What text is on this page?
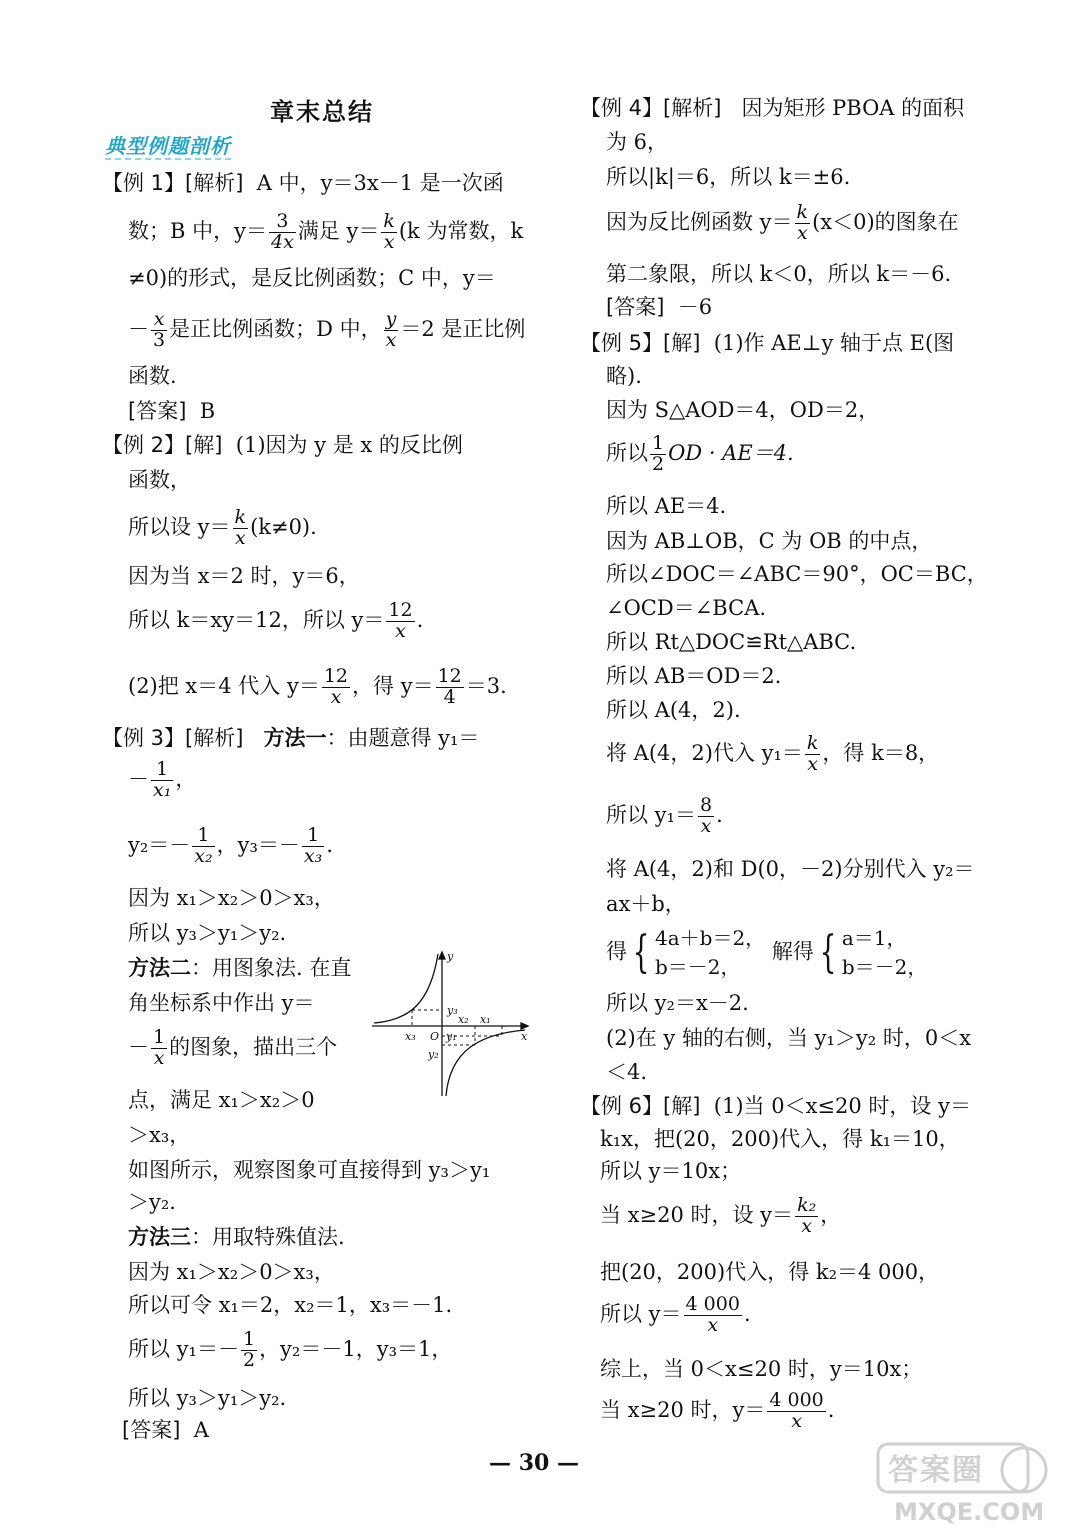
章末总结
典型例题剖析
【例 1】[解析] A 中，y＝3x－1 是一次函
数；B 中，$y= \frac{3}{4x}$ 满足 $y= \frac{k}{x} (k$ 为常数，k
≠0)的形式，是反比例函数；C 中，y＝
－ $\frac{x}{3}$ 是正比例函数；D 中， $\frac{y}{x} =2$ 是正比例
函数.
[答案] B
【例 2】[解] (1)因为 y 是 x 的反比例
函数，
所以设 $y= \frac{k}{x} (k\ne 0)$.
因为当 x＝2 时，y＝6，
所以 k＝xy＝12，所以 $y= \frac{12}{x}$ .
(2)把 x＝4 代入 $y= \frac{12}{x}$ ，得 $y= \frac{12}{4} =3$.
【例 3】[解析] 方法一：由题意得 y₁＝
－ $\frac{1}{\text{x₁}}$ ，
$y_2=- \frac{1}{\text{x₂}}$ ，$y_3=- \frac{1}{\text{x₃}}$ .
因为 x₁＞x₂＞0＞x₃，
所以 y₃＞y₁＞y₂.
方法二：用图象法. 在直
角坐标系中作出 y＝
－ $\frac{1}{x}$ 的图象，描出三个
点，满足 x₁＞x₂＞0
＞x₃，
如图所示，观察图象可直接得到 y₃＞y₁
＞y₂.
方法三：用取特殊值法.
因为 x₁＞x₂＞0＞x₃，
所以可令 x₁＝2，x₂＝1，x₃＝－1.
所以 $y_1=- \frac{1}{2}$ ，y₂＝－1，y₃＝1，
所以 y₃＞y₁＞y₂.
[答案] A
y
x
O
y₃
y₁
y₂
x₃
x₂ x₁
【例 4】[解析] 因为矩形 PBOA 的面积
为 6，
所以|k|＝6，所以 k＝±6.
因为反比例函数 $y= \frac{k}{x} (x<0)$的图象在
第二象限，所以 k＜0，所以 k＝－6.
[答案] －6
【例 5】[解] (1)作 AE⊥y 轴于点 E(图
略).
因为 S△AOD＝4，OD＝2，
所以 $\frac{1}{2}$ OD · AE＝4.
所以 AE＝4.
因为 AB⊥OB，C 为 OB 的中点，
所以∠DOC＝∠ABC＝90°，OC＝BC，
∠OCD＝∠BCA.
所以 Rt△DOC≌Rt△ABC.
所以 AB＝OD＝2.
所以 A(4，2).
将 A(4，2)代入 $y_1= \frac{k}{x}$ ，得 k＝8，
所以 $y_1= \frac{8}{x}$ .
将 A(4，2)和 D(0，－2)分别代入 y₂＝
ax＋b，
得 { 4a＋b＝2，
b＝－2， 解得 { a＝1，
b＝－2，
所以 y₂＝x－2.
(2)在 y 轴的右侧，当 y₁＞y₂ 时，0＜x
＜4.
【例 6】[解] (1)当 0＜x≤20 时，设 y＝
k₁x，把(20，200)代入，得 k₁＝10，
所以 y＝10x；
当 x≥20 时，设 $y= \frac{\text{k₂}}{x}$ ，
把(20，200)代入，得 k₂＝4 000，
所以 $y= \frac{4 000}{x}$ .
综上，当 0＜x≤20 时，y＝10x；
当 x≥20 时，$y= \frac{4 000}{x}$ .
— 30 —	答案圈
MXQE.COM
